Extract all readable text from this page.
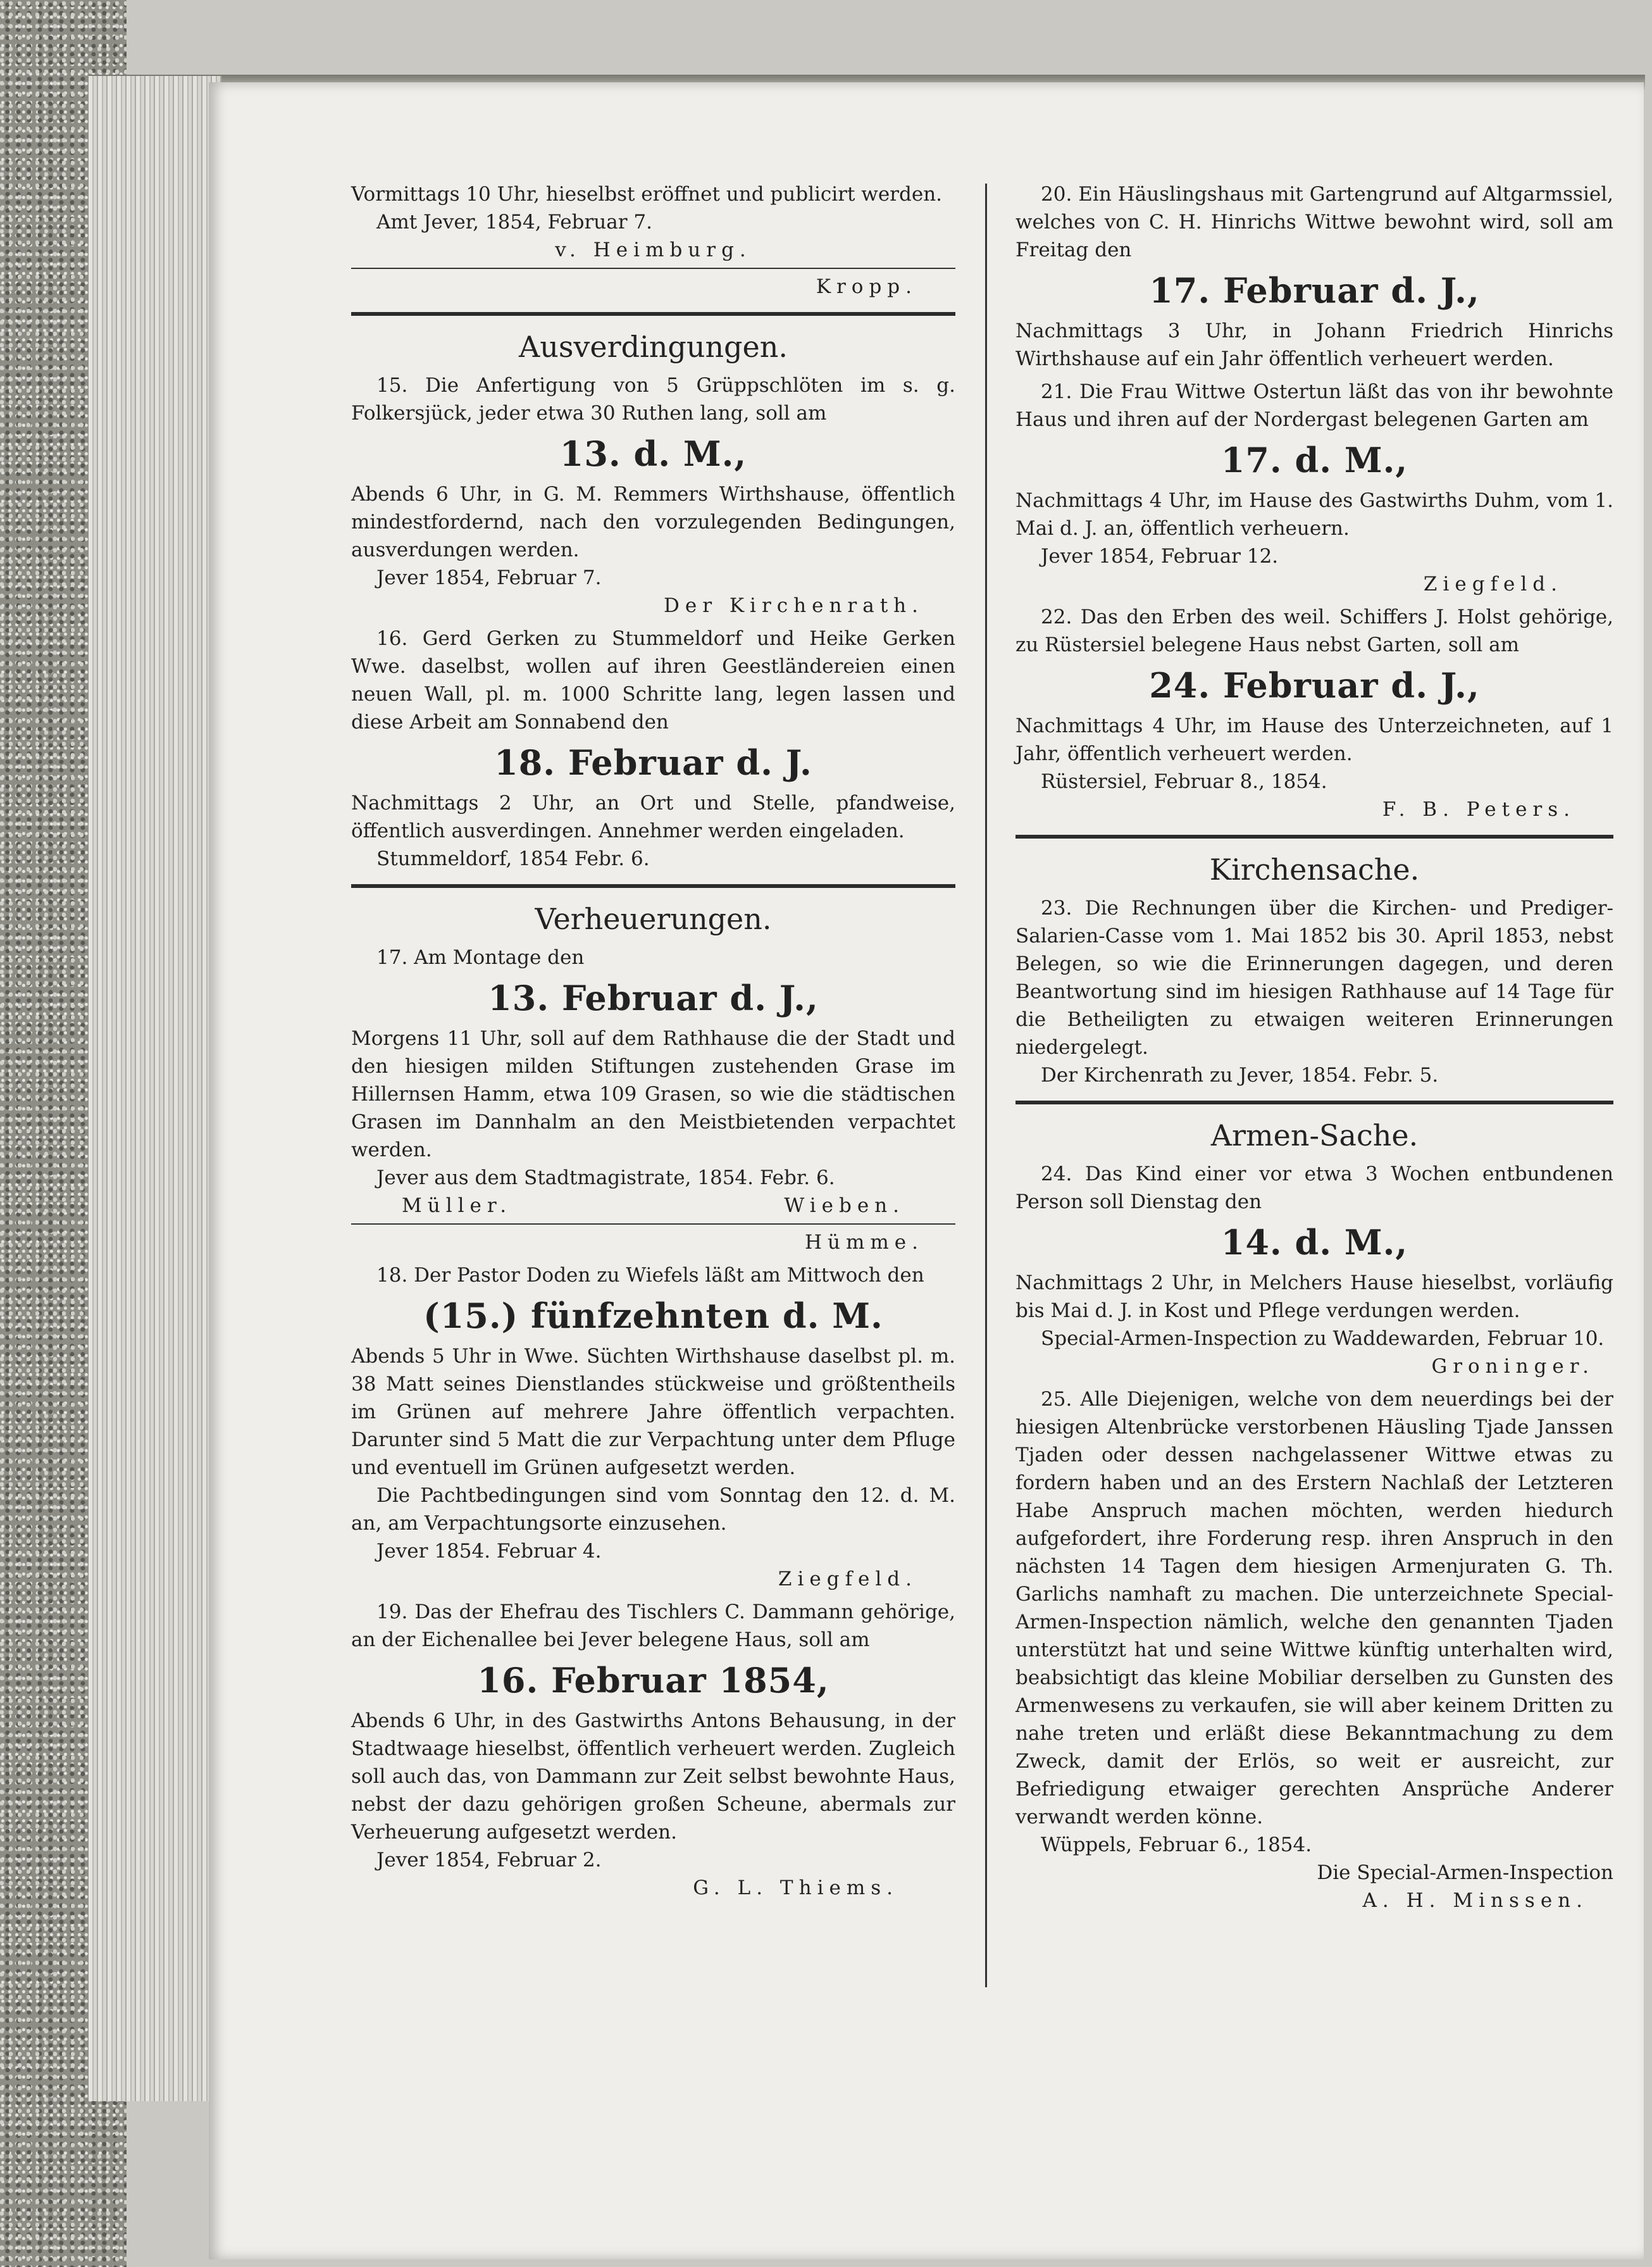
Vormittags 10 Uhr, hieselbst eröffnet und publicirt werden.

Amt Jever, 1854, Februar 7.

v. Heimburg.

Kropp.

Ausverdingungen.

15. Die Anfertigung von 5 Grüppschlöten im s. g. Folkersjück, jeder etwa 30 Ruthen lang, soll am

13. d. M.,

Abends 6 Uhr, in G. M. Remmers Wirthshause, öffentlich mindestfordernd, nach den vorzulegenden Bedingungen, ausverdungen werden.

Jever 1854, Februar 7.

Der Kirchenrath.

16. Gerd Gerken zu Stummeldorf und Heike Gerken Wwe. daselbst, wollen auf ihren Geestländereien einen neuen Wall, pl. m. 1000 Schritte lang, legen lassen und diese Arbeit am Sonnabend den

18. Februar d. J.

Nachmittags 2 Uhr, an Ort und Stelle, pfandweise, öffentlich ausverdingen. Annehmer werden eingeladen.

Stummeldorf, 1854 Febr. 6.

Verheuerungen.

17. Am Montage den

13. Februar d. J.,

Morgens 11 Uhr, soll auf dem Rathhause die der Stadt und den hiesigen milden Stiftungen zustehenden Grase im Hillernsen Hamm, etwa 109 Grasen, so wie die städtischen Grasen im Dannhalm an den Meistbietenden verpachtet werden.

Jever aus dem Stadtmagistrate, 1854. Febr. 6.

Müller.	Wieben.

Hümme.

18. Der Pastor Doden zu Wiefels läßt am Mittwoch den

(15.) fünfzehnten d. M.

Abends 5 Uhr in Wwe. Süchten Wirthshause daselbst pl. m. 38 Matt seines Dienstlandes stückweise und größtentheils im Grünen auf mehrere Jahre öffentlich verpachten. Darunter sind 5 Matt die zur Verpachtung unter dem Pfluge und eventuell im Grünen aufgesetzt werden.

Die Pachtbedingungen sind vom Sonntag den 12. d. M. an, am Verpachtungsorte einzusehen.

Jever 1854. Februar 4.

Ziegfeld.

19. Das der Ehefrau des Tischlers C. Dammann gehörige, an der Eichenallee bei Jever belegene Haus, soll am

16. Februar 1854,

Abends 6 Uhr, in des Gastwirths Antons Behausung, in der Stadtwaage hieselbst, öffentlich verheuert werden. Zugleich soll auch das, von Dammann zur Zeit selbst bewohnte Haus, nebst der dazu gehörigen großen Scheune, abermals zur Verheuerung aufgesetzt werden.

Jever 1854, Februar 2.

G. L. Thiems.

20. Ein Häuslingshaus mit Gartengrund auf Altgarmssiel, welches von C. H. Hinrichs Wittwe bewohnt wird, soll am Freitag den

17. Februar d. J.,

Nachmittags 3 Uhr, in Johann Friedrich Hinrichs Wirthshause auf ein Jahr öffentlich verheuert werden.

21. Die Frau Wittwe Ostertun läßt das von ihr bewohnte Haus und ihren auf der Nordergast belegenen Garten am

17. d. M.,

Nachmittags 4 Uhr, im Hause des Gastwirths Duhm, vom 1. Mai d. J. an, öffentlich verheuern.

Jever 1854, Februar 12.

Ziegfeld.

22. Das den Erben des weil. Schiffers J. Holst gehörige, zu Rüstersiel belegene Haus nebst Garten, soll am

24. Februar d. J.,

Nachmittags 4 Uhr, im Hause des Unterzeichneten, auf 1 Jahr, öffentlich verheuert werden.

Rüstersiel, Februar 8., 1854.

F. B. Peters.

Kirchensache.

23. Die Rechnungen über die Kirchen- und Prediger-Salarien-Casse vom 1. Mai 1852 bis 30. April 1853, nebst Belegen, so wie die Erinnerungen dagegen, und deren Beantwortung sind im hiesigen Rathhause auf 14 Tage für die Betheiligten zu etwaigen weiteren Erinnerungen niedergelegt.

Der Kirchenrath zu Jever, 1854. Febr. 5.

Armen-Sache.

24. Das Kind einer vor etwa 3 Wochen entbundenen Person soll Dienstag den

14. d. M.,

Nachmittags 2 Uhr, in Melchers Hause hieselbst, vorläufig bis Mai d. J. in Kost und Pflege verdungen werden.

Special-Armen-Inspection zu Waddewarden, Februar 10.

Groninger.

25. Alle Diejenigen, welche von dem neuerdings bei der hiesigen Altenbrücke verstorbenen Häusling Tjade Janssen Tjaden oder dessen nachgelassener Wittwe etwas zu fordern haben und an des Erstern Nachlaß der Letzteren Habe Anspruch machen möchten, werden hiedurch aufgefordert, ihre Forderung resp. ihren Anspruch in den nächsten 14 Tagen dem hiesigen Armenjuraten G. Th. Garlichs namhaft zu machen. Die unterzeichnete Special-Armen-Inspection nämlich, welche den genannten Tjaden unterstützt hat und seine Wittwe künftig unterhalten wird, beabsichtigt das kleine Mobiliar derselben zu Gunsten des Armenwesens zu verkaufen, sie will aber keinem Dritten zu nahe treten und erläßt diese Bekanntmachung zu dem Zweck, damit der Erlös, so weit er ausreicht, zur Befriedigung etwaiger gerechten Ansprüche Anderer verwandt werden könne.

Wüppels, Februar 6., 1854.

Die Special-Armen-Inspection

A. H. Minssen.
